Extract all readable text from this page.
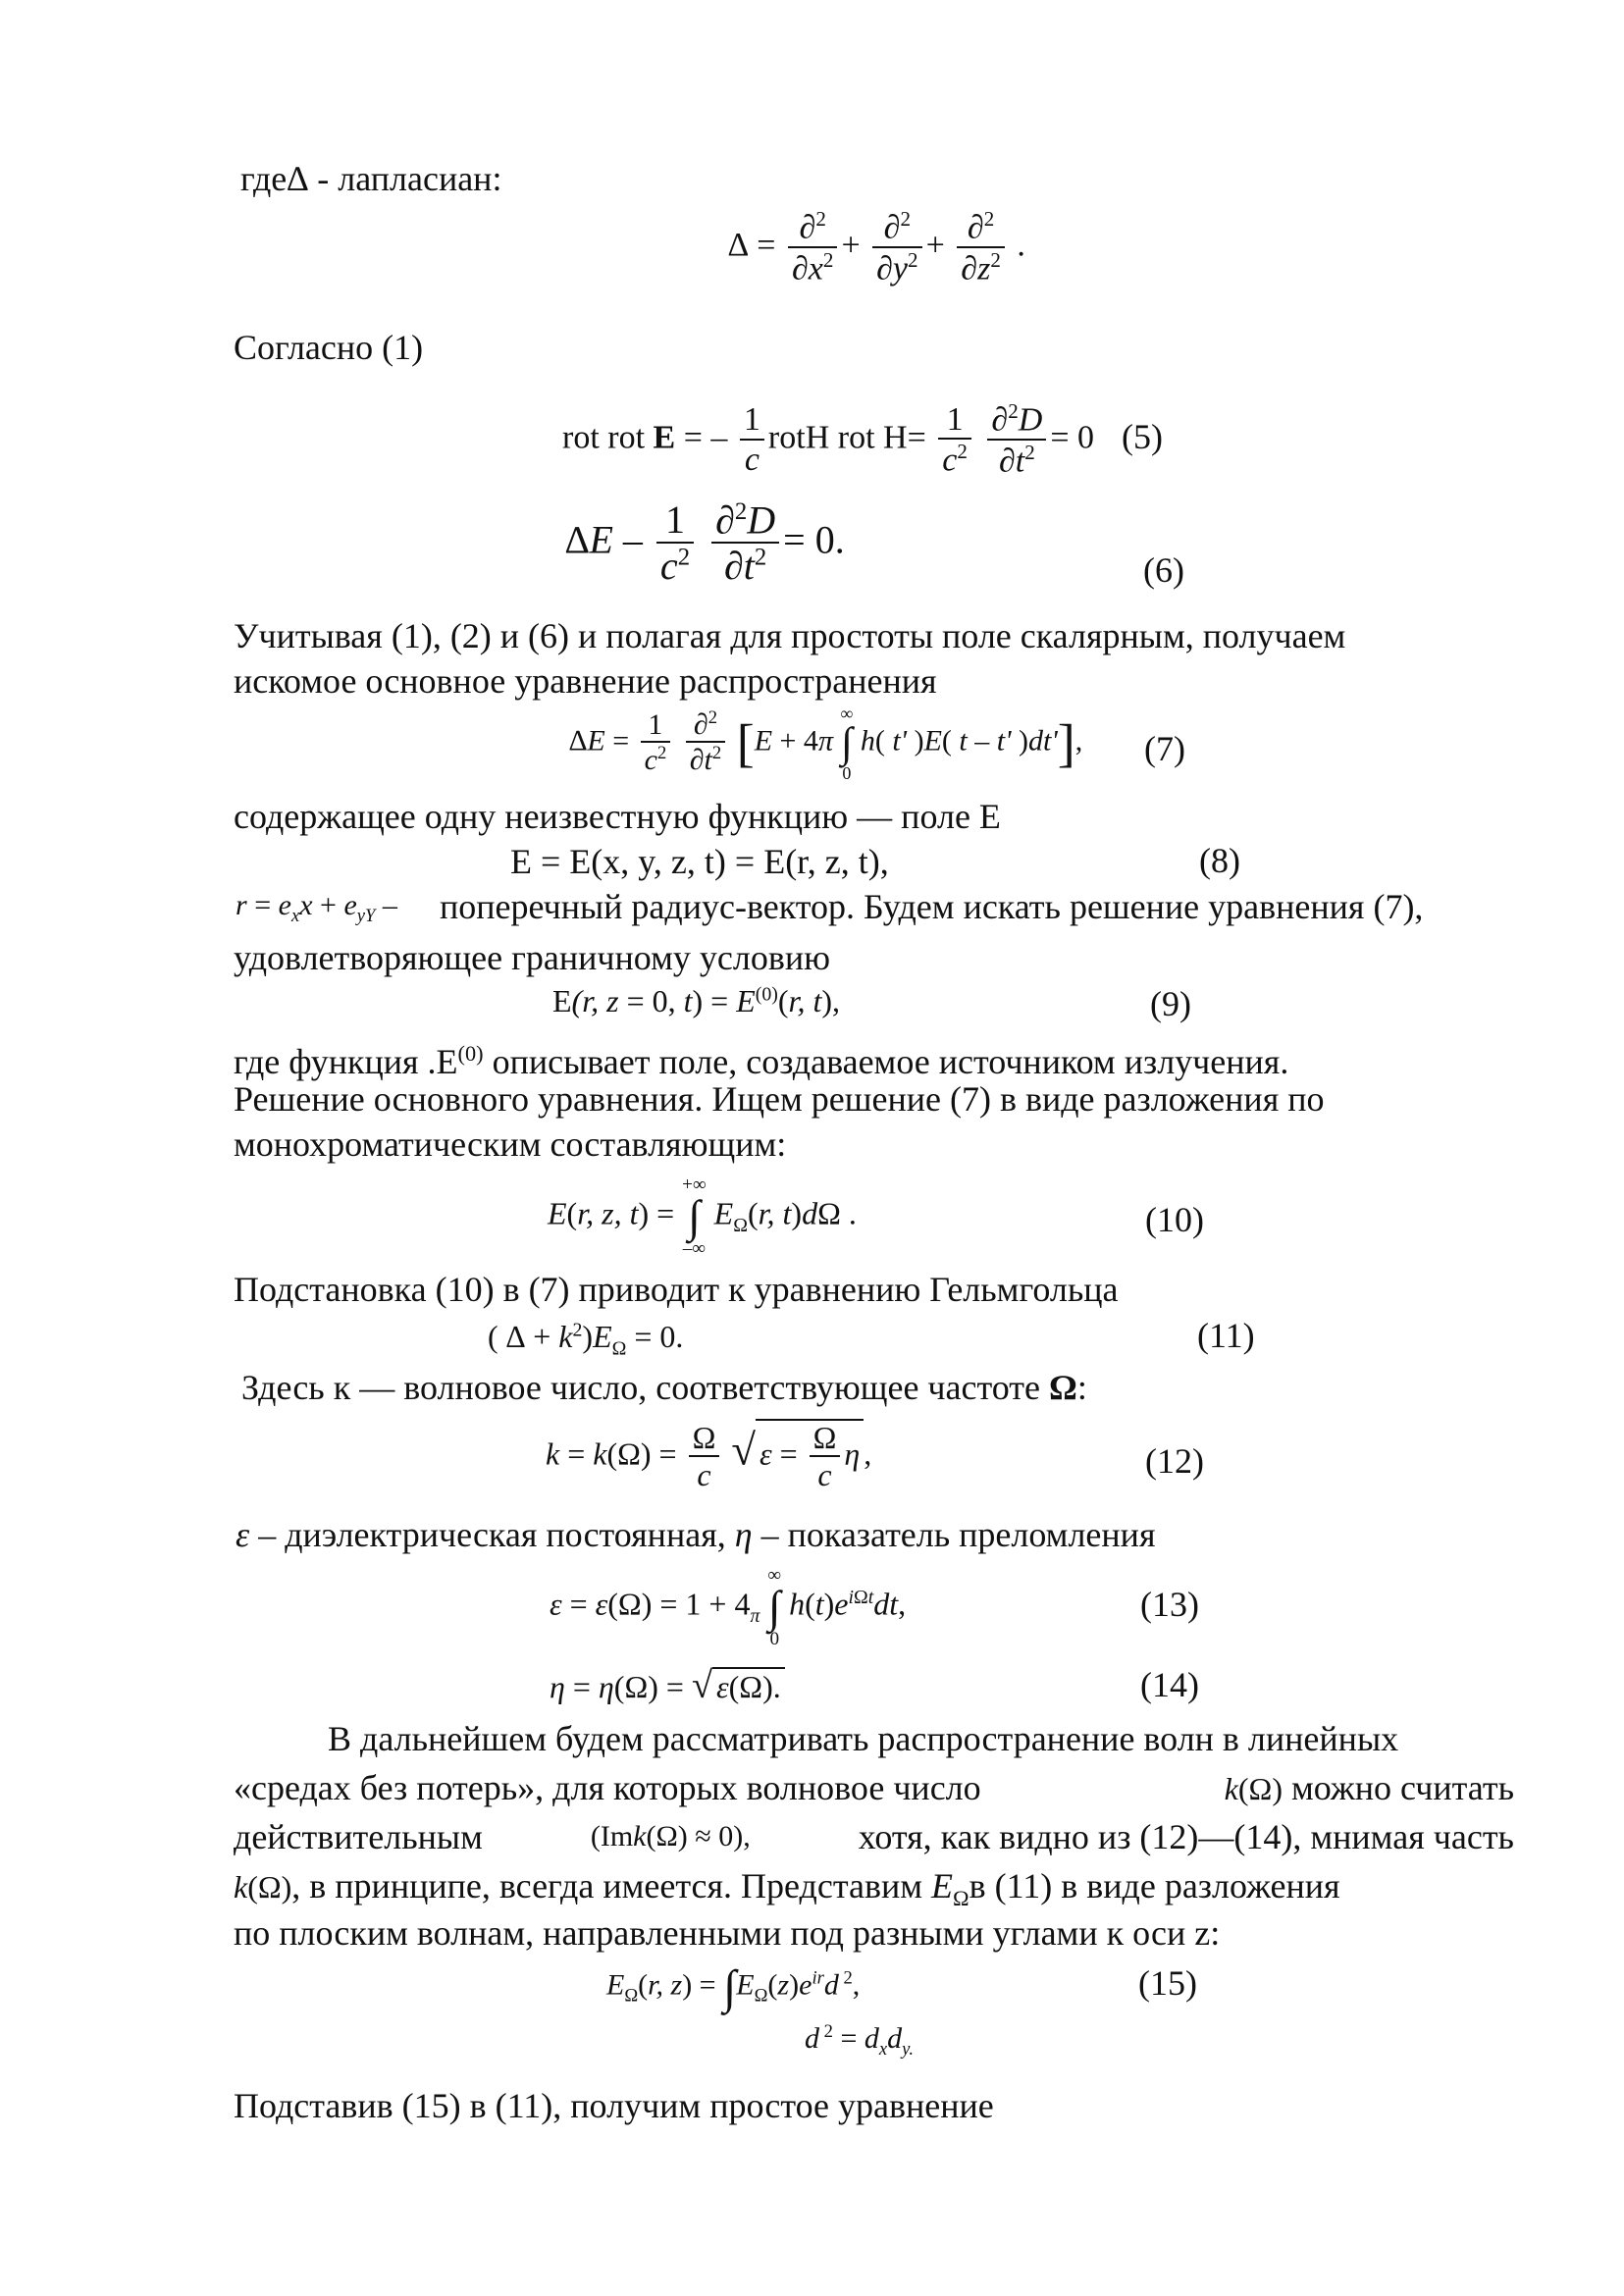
где∆ - лапласиан:
∆ = $\frac{\partial^2}{\partial x^2} + \frac{\partial^2}{\partial y^2} + \frac{\partial^2}{\partial z^2}$ .
Согласно (1)
rot rot E = – $\frac{1}{c}$ rotH rot $H= \frac{1}{c^2}$
$\frac{\partial^2D}{\partial t^2} = 0$ (5)
$\Delta E - \frac{1}{c^2}$
$\frac{\partial^2D}{\partial t^2} = 0$.
(6)
Учитывая (1), (2) и (6) и полагая для простоты поле скалярным, получаем
искомое основное уравнение распространения
$\Delta E = \frac{1}{c^2}$
$\frac{\partial^2}{\partial t^2} [E + 4\pi$ ∞
∫
0 h( t' )E( t – t' )dt'], (7)
содержащее одну неизвестную функцию — поле E
E = E(x, y, z, t) = E(r, z, t),	(8)
$r = e_xx + e_{yY}$ – поперечный радиус-вектор. Будем искать решение уравнения (7),
удовлетворяющее граничному условию
E(r, z = 0, $t) = E^{(0)}(r$, t),	(9)
где функция $.E^{(0)}$ описывает поле, создаваемое источником излучения.
Решение основного уравнения. Ищем решение (7) в виде разложения по
монохроматическим составляющим:
E(r, z, t) = +∞
∫
–∞ $E_\Omega(r$, t)dΩ .	(10)
Подстановка (10) в (7) приводит к уравнению Гельмгольца
( ∆ + $k^2)E_\Omega = 0$.	(11)
Здесь к — волновое число, соответствующее частоте Ω:
$k = k(\Omega) = \frac{\Omega}{c}$ √ $\varepsilon = \frac{\Omega}{c}$ η ,	(12)
ε – диэлектрическая постоянная, η – показатель преломления
$\varepsilon = \varepsilon(\Omega) = 1 + 4_\pi$ ∞
∫
0 $h(t)e^{i\Omega t}dt$,	(13)
η = η(Ω) = √ ε(Ω).	(14)
В дальнейшем будем рассматривать распространение волн в линейных
«средах без потерь», для которых волновое число	k(Ω) можно считать
действительным	(Imk(Ω) ≈ 0),	хотя, как видно из (12)—(14), мнимая часть
k(Ω), в принципе, всегда имеется. Представим $E_\Omega в$ (11) в виде разложения
по плоским волнам, направленными под разными углами к оси z:
$E_\Omega(r$, $z) = \int E_\Omega(z)e^{ir}d$ $^2$,	(15)
d $^2 = d_xd_{y.}$
Подставив (15) в (11), получим простое уравнение
